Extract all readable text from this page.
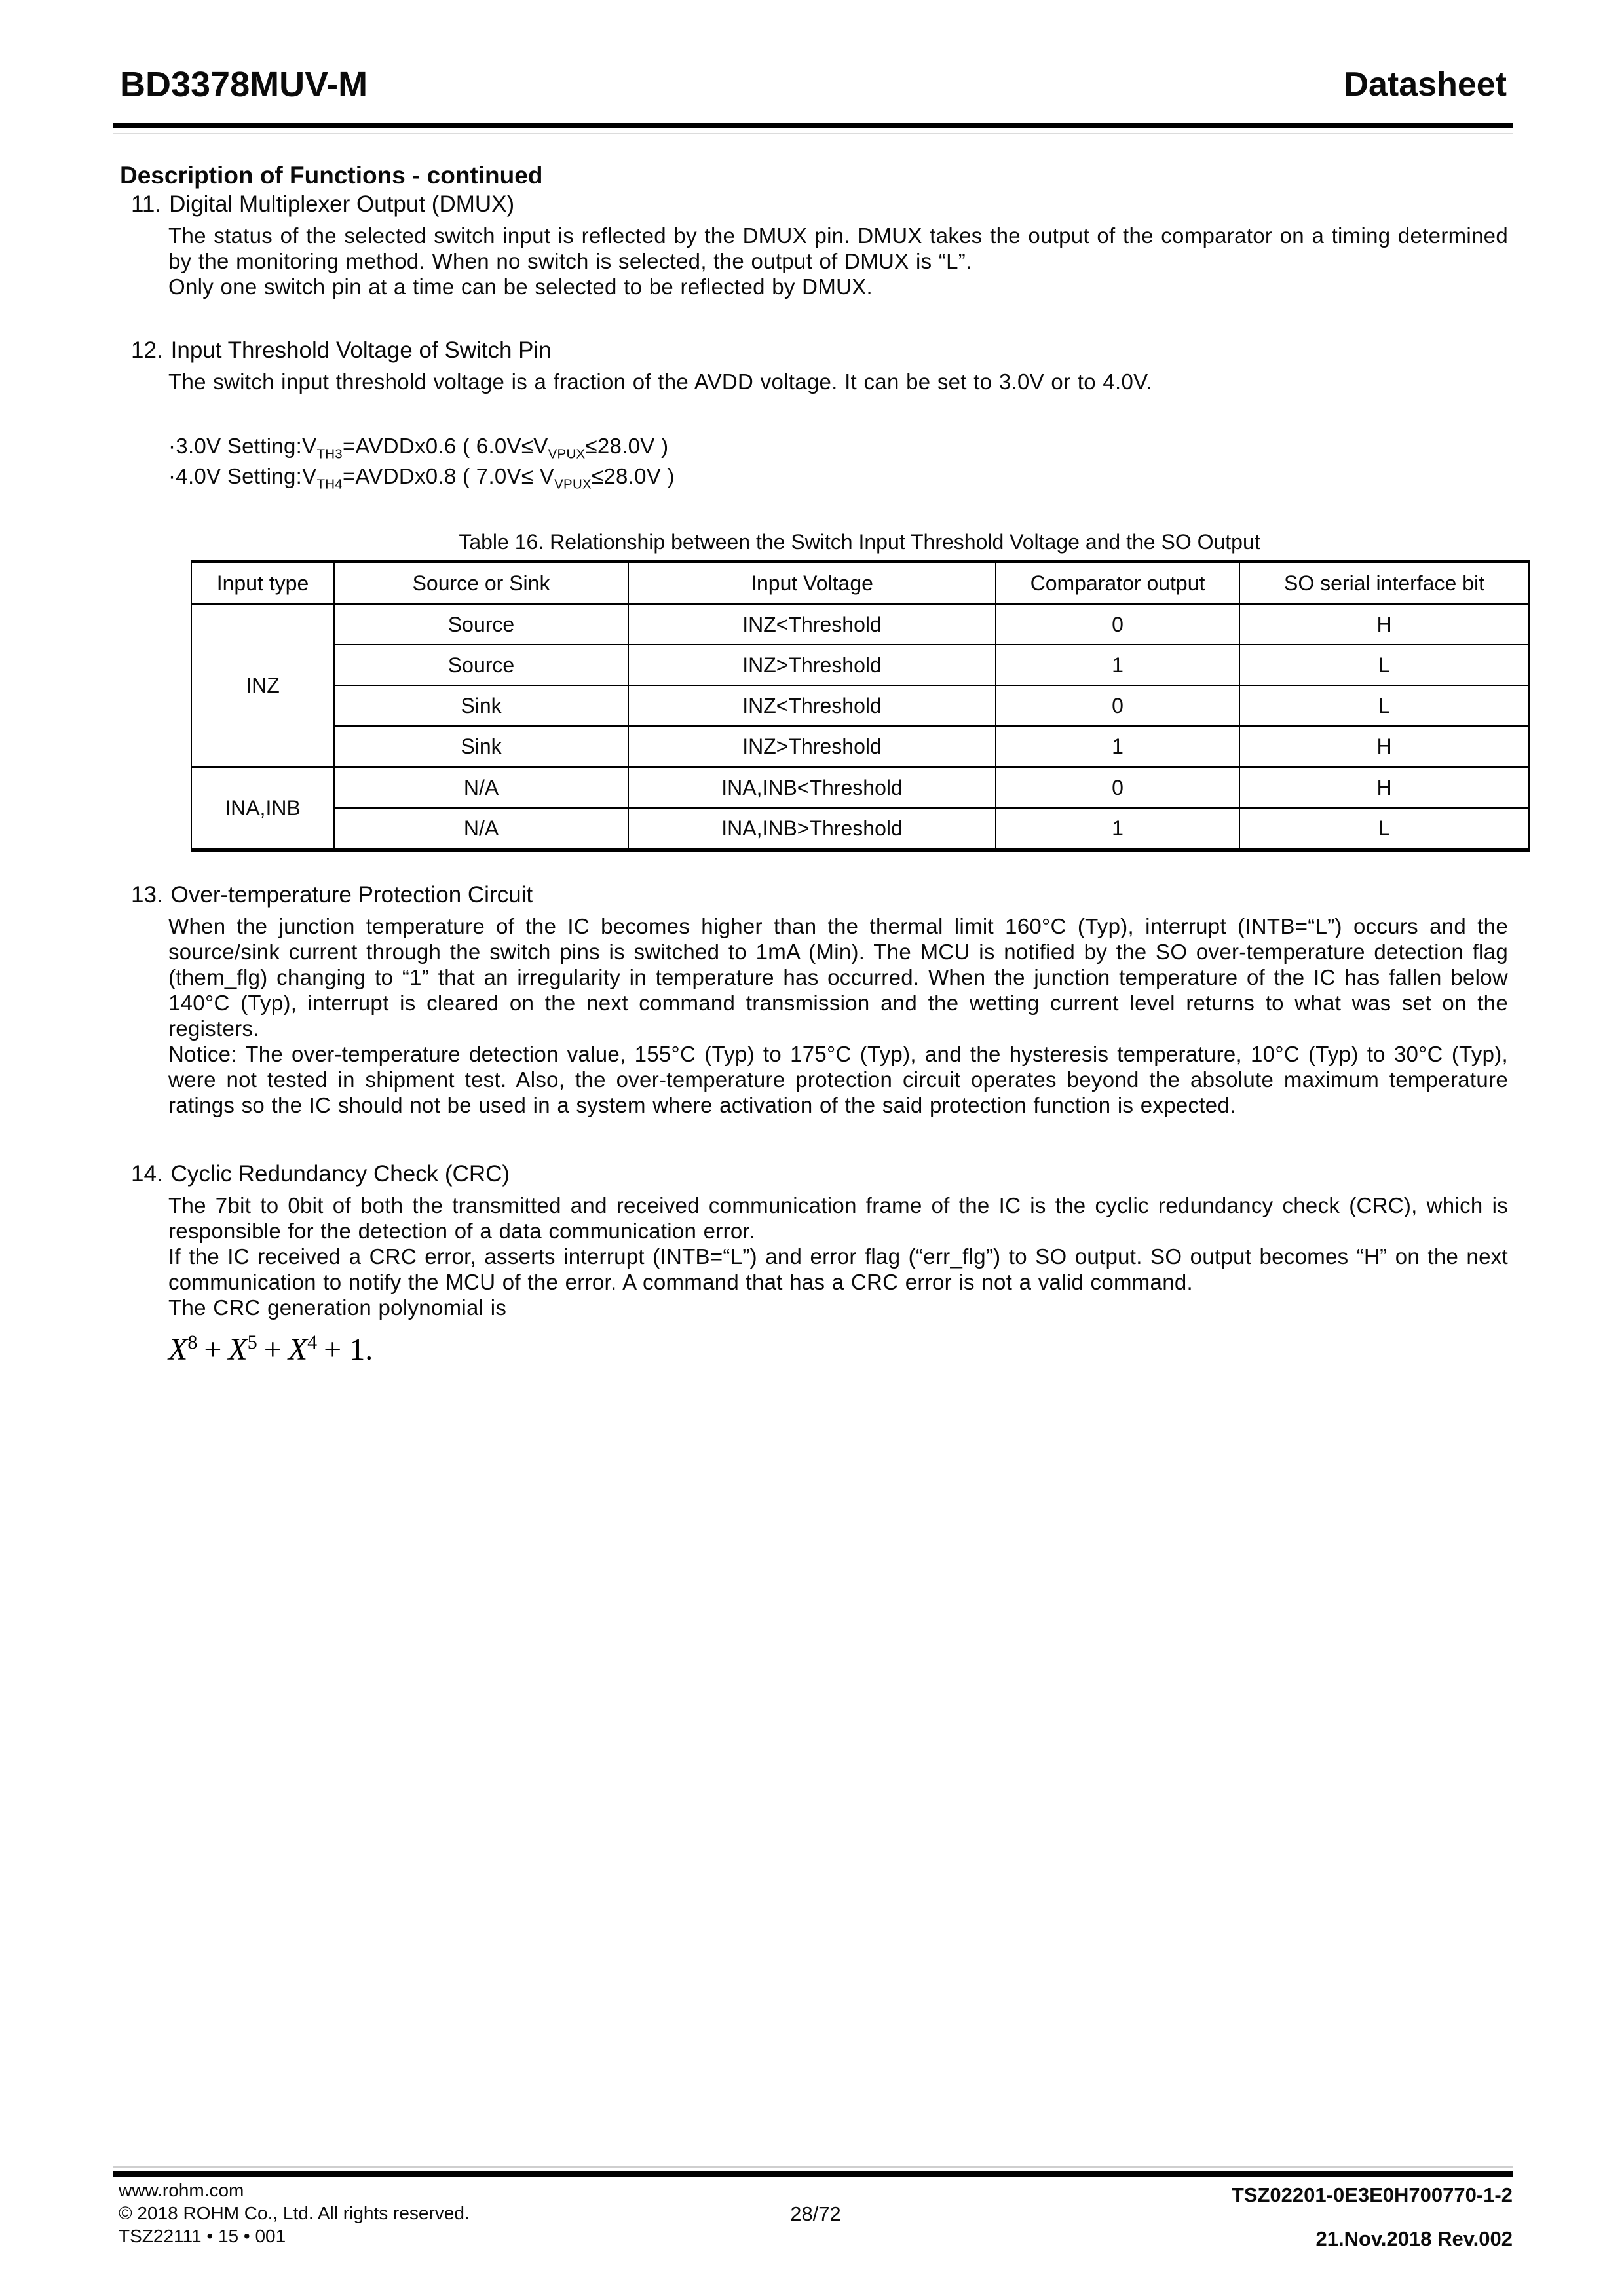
BD3378MUV-M	Datasheet
Description of Functions - continued
11. Digital Multiplexer Output (DMUX)

The status of the selected switch input is reflected by the DMUX pin. DMUX takes the output of the comparator on a timing determined by the monitoring method. When no switch is selected, the output of DMUX is “L”.

Only one switch pin at a time can be selected to be reflected by DMUX.

12. Input Threshold Voltage of Switch Pin

The switch input threshold voltage is a fraction of the AVDD voltage. It can be set to 3.0V or to 4.0V.

·3.0V $Setting:V_{TH3}=AVDDx0.6$ ( $6.0V\le V_{VPUX}\le 28.0V$ )
·4.0V $Setting:V_{TH4}=AVDDx0.8$ ( $7.0V\le V_{VPUX}\le 28.0V$ )
Table 16. Relationship between the Switch Input Threshold Voltage and the SO Output
Input type	Source or Sink	Input Voltage	Comparator output	SO serial interface bit
INZ	Source	INZ<Threshold	0	H
	Source	INZ>Threshold	1	L
	Sink	INZ<Threshold	0	L
	Sink	INZ>Threshold	1	H
INA,INB	N/A	INA,INB<Threshold	0	H
	N/A	INA,INB>Threshold	1	L
13. Over-temperature Protection Circuit

When the junction temperature of the IC becomes higher than the thermal limit 160°C (Typ), interrupt (INTB=“L”) occurs and the source/sink current through the switch pins is switched to 1mA (Min). The MCU is notified by the SO over-temperature detection flag (them_flg) changing to “1” that an irregularity in temperature has occurred. When the junction temperature of the IC has fallen below 140°C (Typ), interrupt is cleared on the next command transmission and the wetting current level returns to what was set on the registers.

Notice: The over-temperature detection value, 155°C (Typ) to 175°C (Typ), and the hysteresis temperature, 10°C (Typ) to 30°C (Typ), were not tested in shipment test. Also, the over-temperature protection circuit operates beyond the absolute maximum temperature ratings so the IC should not be used in a system where activation of the said protection function is expected.

14. Cyclic Redundancy Check (CRC)

The 7bit to 0bit of both the transmitted and received communication frame of the IC is the cyclic redundancy check (CRC), which is responsible for the detection of a data communication error.

If the IC received a CRC error, asserts interrupt (INTB=“L”) and error flag (“err_flg”) to SO output. SO output becomes “H” on the next communication to notify the MCU of the error. A command that has a CRC error is not a valid command.

The CRC generation polynomial is

$X^8 + X^5 + X^4 + 1$.
www.rohm.com
© 2018 ROHM Co., Ltd. All rights reserved.
TSZ22111 • 15 • 001
28/72
TSZ02201-0E3E0H700770-1-2
21.Nov.2018 Rev.002
